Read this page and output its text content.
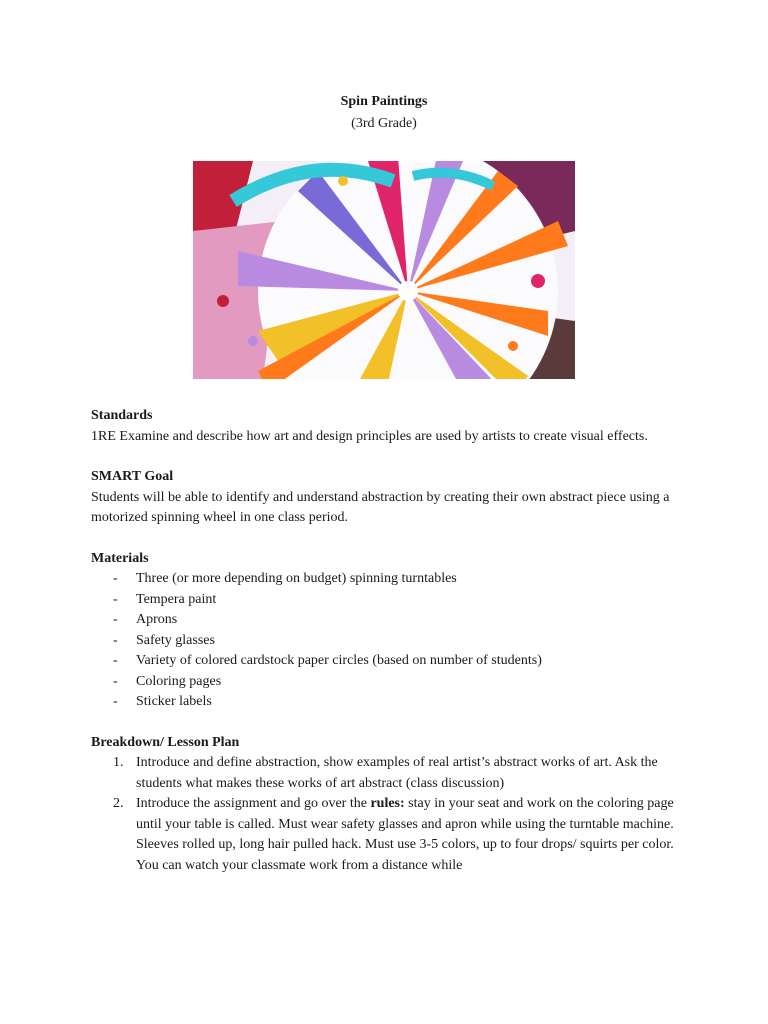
Spin Paintings
(3rd Grade)
Standards

1RE Examine and describe how art and design principles are used by artists to create visual effects.

SMART Goal

Students will be able to identify and understand abstraction by creating their own abstract piece using a motorized spinning wheel in one class period.

Materials
- Three (or more depending on budget) spinning turntables
- Tempera paint
- Aprons
- Safety glasses
- Variety of colored cardstock paper circles (based on number of students)
- Coloring pages
- Sticker labels
Breakdown/ Lesson Plan
1. Introduce and define abstraction, show examples of real artist’s abstract works of art. Ask the students what makes these works of art abstract (class discussion)
2. Introduce the assignment and go over the rules: stay in your seat and work on the coloring page until your table is called. Must wear safety glasses and apron while using the turntable machine. Sleeves rolled up, long hair pulled hack. Must use 3-5 colors, up to four drops/ squirts per color. You can watch your classmate work from a distance while
